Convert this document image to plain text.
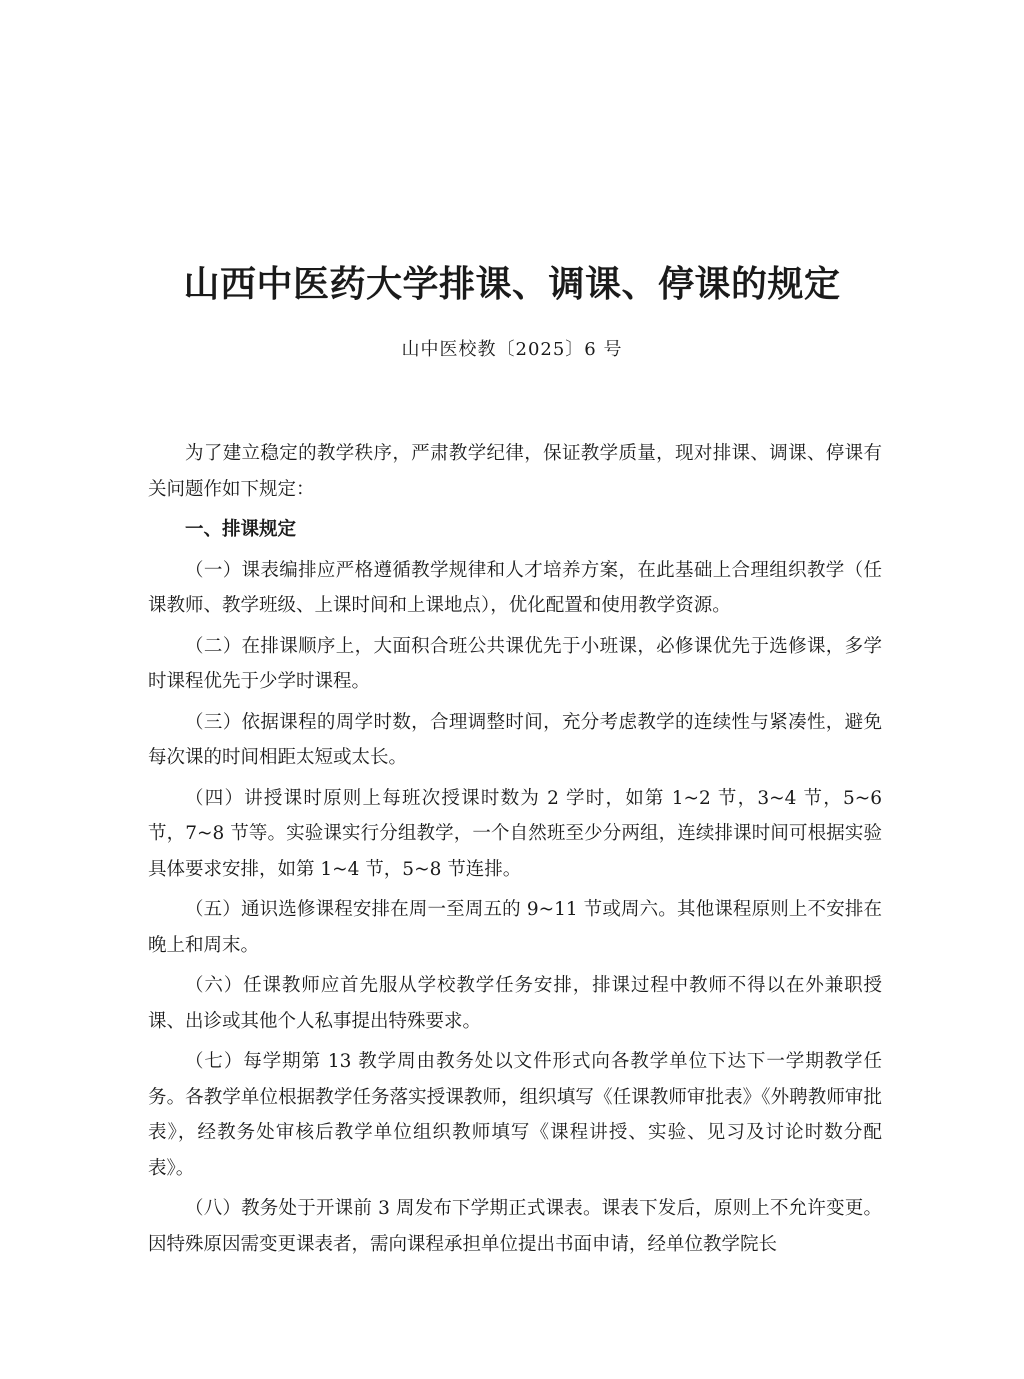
山西中医药大学排课、调课、停课的规定
山中医校教〔2025〕6 号

为了建立稳定的教学秩序，严肃教学纪律，保证教学质量，现对排课、调课、停课有关问题作如下规定：

一、排课规定

（一）课表编排应严格遵循教学规律和人才培养方案，在此基础上合理组织教学（任课教师、教学班级、上课时间和上课地点），优化配置和使用教学资源。

（二）在排课顺序上，大面积合班公共课优先于小班课，必修课优先于选修课，多学时课程优先于少学时课程。

（三）依据课程的周学时数，合理调整时间，充分考虑教学的连续性与紧凑性，避免每次课的时间相距太短或太长。

（四）讲授课时原则上每班次授课时数为 2 学时，如第 1~2 节，3~4 节，5~6 节，7~8 节等。实验课实行分组教学，一个自然班至少分两组，连续排课时间可根据实验具体要求安排，如第 1~4 节，5~8 节连排。

（五）通识选修课程安排在周一至周五的 9~11 节或周六。其他课程原则上不安排在晚上和周末。

（六）任课教师应首先服从学校教学任务安排，排课过程中教师不得以在外兼职授课、出诊或其他个人私事提出特殊要求。

（七）每学期第 13 教学周由教务处以文件形式向各教学单位下达下一学期教学任务。各教学单位根据教学任务落实授课教师，组织填写《任课教师审批表》《外聘教师审批表》，经教务处审核后教学单位组织教师填写《课程讲授、实验、见习及讨论时数分配表》。

（八）教务处于开课前 3 周发布下学期正式课表。课表下发后，原则上不允许变更。因特殊原因需变更课表者，需向课程承担单位提出书面申请，经单位教学院长
